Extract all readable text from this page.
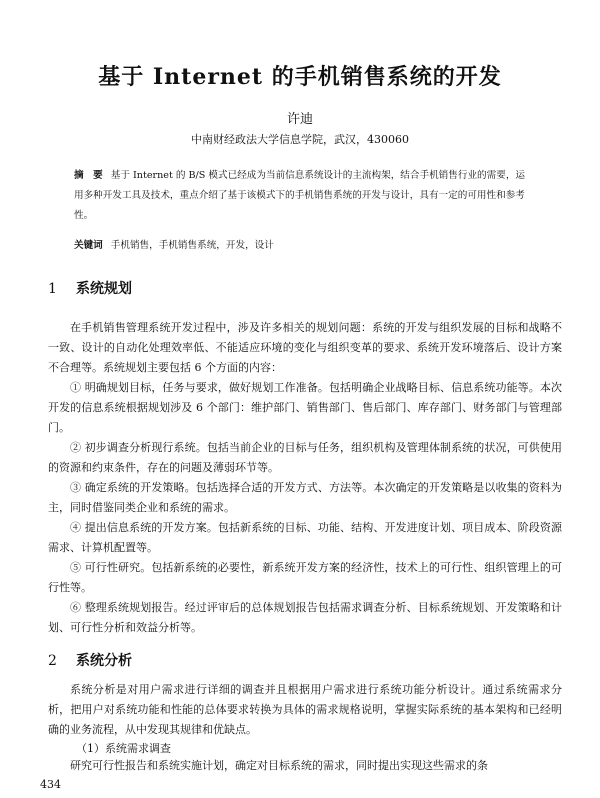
基于 Internet 的手机销售系统的开发
许迪
中南财经政法大学信息学院，武汉，430060
摘　要 基于 Internet 的 B/S 模式已经成为当前信息系统设计的主流构架，结合手机销售行业的需要，运用多种开发工具及技术，重点介绍了基于该模式下的手机销售系统的开发与设计，具有一定的可用性和参考性。
关键词 手机销售，手机销售系统，开发，设计
1 系统规划
在手机销售管理系统开发过程中，涉及许多相关的规划问题：系统的开发与组织发展的目标和战略不一致、设计的自动化处理效率低、不能适应环境的变化与组织变革的要求、系统开发环境落后、设计方案不合理等。系统规划主要包括 6 个方面的内容：
① 明确规划目标，任务与要求，做好规划工作准备。包括明确企业战略目标、信息系统功能等。本次开发的信息系统根据规划涉及 6 个部门：维护部门、销售部门、售后部门、库存部门、财务部门与管理部门。
② 初步调查分析现行系统。包括当前企业的目标与任务，组织机构及管理体制系统的状况，可供使用的资源和约束条件，存在的问题及薄弱环节等。
③ 确定系统的开发策略。包括选择合适的开发方式、方法等。本次确定的开发策略是以收集的资料为主，同时借鉴同类企业和系统的需求。
④ 提出信息系统的开发方案。包括新系统的目标、功能、结构、开发进度计划、项目成本、阶段资源需求、计算机配置等。
⑤ 可行性研究。包括新系统的必要性，新系统开发方案的经济性，技术上的可行性、组织管理上的可行性等。
⑥ 整理系统规划报告。经过评审后的总体规划报告包括需求调查分析、目标系统规划、开发策略和计划、可行性分析和效益分析等。
2 系统分析
系统分析是对用户需求进行详细的调查并且根据用户需求进行系统功能分析设计。通过系统需求分析，把用户对系统功能和性能的总体要求转换为具体的需求规格说明，掌握实际系统的基本架构和已经明确的业务流程，从中发现其规律和优缺点。
（1）系统需求调查
研究可行性报告和系统实施计划，确定对目标系统的需求，同时提出实现这些需求的条
434
